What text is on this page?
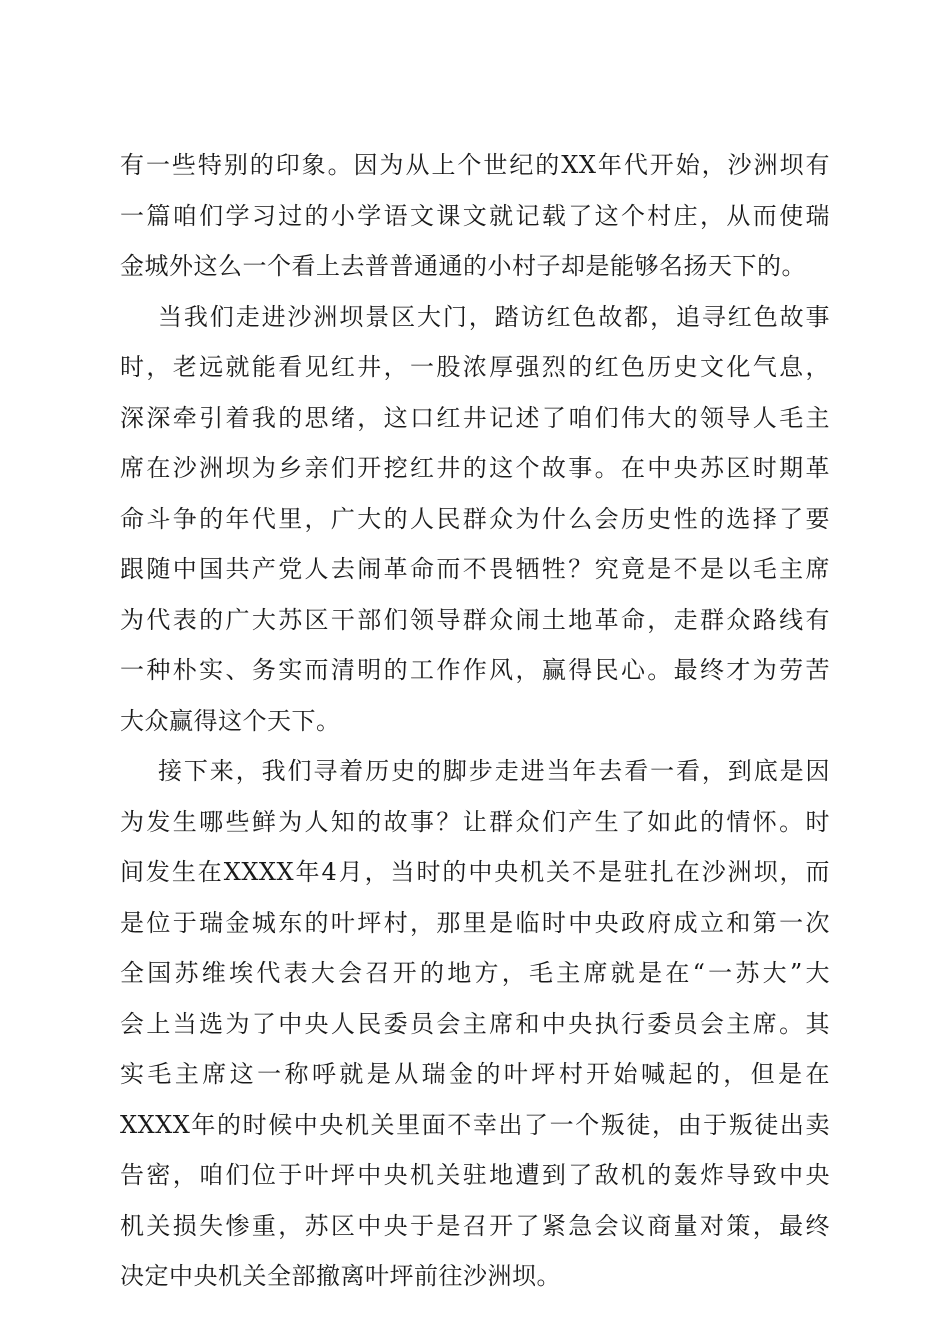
有一些特别的印象。因为从上个世纪的XX年代开始，沙洲坝有
一篇咱们学习过的小学语文课文就记载了这个村庄，从而使瑞
金城外这么一个看上去普普通通的小村子却是能够名扬天下的。
当我们走进沙洲坝景区大门，踏访红色故都，追寻红色故事
时，老远就能看见红井，一股浓厚强烈的红色历史文化气息，
深深牵引着我的思绪，这口红井记述了咱们伟大的领导人毛主
席在沙洲坝为乡亲们开挖红井的这个故事。在中央苏区时期革
命斗争的年代里，广大的人民群众为什么会历史性的选择了要
跟随中国共产党人去闹革命而不畏牺牲？究竟是不是以毛主席
为代表的广大苏区干部们领导群众闹土地革命，走群众路线有
一种朴实、务实而清明的工作作风，赢得民心。最终才为劳苦
大众赢得这个天下。
接下来，我们寻着历史的脚步走进当年去看一看，到底是因
为发生哪些鲜为人知的故事？让群众们产生了如此的情怀。时
间发生在XXXX年4月，当时的中央机关不是驻扎在沙洲坝，而
是位于瑞金城东的叶坪村，那里是临时中央政府成立和第一次
全国苏维埃代表大会召开的地方，毛主席就是在“一苏大”大
会上当选为了中央人民委员会主席和中央执行委员会主席。其
实毛主席这一称呼就是从瑞金的叶坪村开始喊起的，但是在
XXXX年的时候中央机关里面不幸出了一个叛徒，由于叛徒出卖
告密，咱们位于叶坪中央机关驻地遭到了敌机的轰炸导致中央
机关损失惨重，苏区中央于是召开了紧急会议商量对策，最终
决定中央机关全部撤离叶坪前往沙洲坝。
